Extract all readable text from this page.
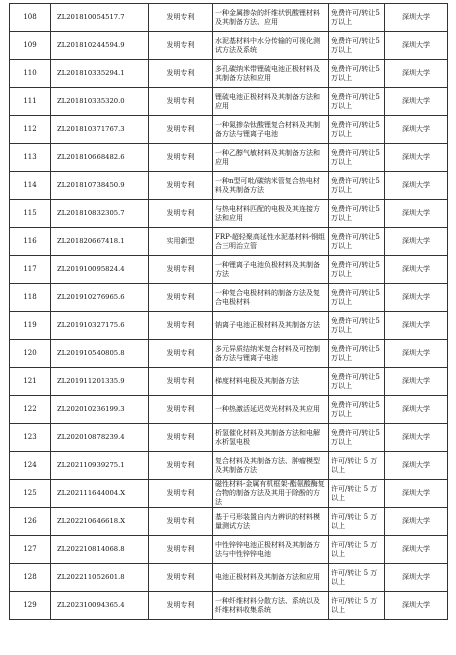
108	ZL201810054517.7	发明专利	一种金属掺杂的纤维状钒酸锂材料及其制备方法、应用	免费许可/转让5万以上	深圳大学
109	ZL201810244594.9	发明专利	水泥基材料中水分传输的可视化测试方法及系统	免费许可/转让5万以上	深圳大学
110	ZL201810335294.1	发明专利	多孔碳纳米带锂硫电池正极材料及其制备方法和应用	免费许可/转让5万以上	深圳大学
111	ZL201810335320.0	发明专利	锂硫电池正极材料及其制备方法和应用	免费许可/转让5万以上	深圳大学
112	ZL201810371767.3	发明专利	一种氮掺杂钛酸锂复合材料及其制备方法与锂离子电池	免费许可/转让5万以上	深圳大学
113	ZL201810668482.6	发明专利	一种乙醇气敏材料及其制备方法和应用	免费许可/转让5万以上	深圳大学
114	ZL201810738450.9	发明专利	一种n型可吡/碳纳米管复合热电材料及其制备方法	免费许可/转让5万以上	深圳大学
115	ZL201810832305.7	发明专利	与热电材料匹配的电极及其连接方法和应用	免费许可/转让5万以上	深圳大学
116	ZL201820667418.1	实用新型	FRP-超轻聚高延性水泥基材料-钢组合三明治立管	免费许可/转让5万以上	深圳大学
117	ZL201910095824.4	发明专利	一种锂离子电池负极材料及其制备方法	免费许可/转让5万以上	深圳大学
118	ZL201910276965.6	发明专利	一种复合电极材料的制备方法及复合电极材料	免费许可/转让5万以上	深圳大学
119	ZL201910327175.6	发明专利	钠离子电池正极材料及其制备方法	免费许可/转让5万以上	深圳大学
120	ZL201910540805.8	发明专利	多元异质结纳米复合材料及可控制备方法与锂离子电池	免费许可/转让5万以上	深圳大学
121	ZL201911201335.9	发明专利	梯度材料电极及其制备方法	免费许可/转让5万以上	深圳大学
122	ZL202010236199.3	发明专利	一种热激活延迟荧光材料及其应用	免费许可/转让5万以上	深圳大学
123	ZL202010878239.4	发明专利	析氢催化材料及其制备方法和电解水析氢电极	免费许可/转让5万以上	深圳大学
124	ZL202110939275.1	发明专利	复合材料及其制备方法、肿瘤模型及其制备方法	许可/转让 5 万以上	深圳大学
125	ZL202111644004.X	发明专利	磁性材料-金属有机框架-酯氨酸酶复合物的制备方法及其用于除酚的方法	许可/转让 5 万以上	深圳大学
126	ZL202210646618.X	发明专利	基于弓形装置自内力辨识的材料模量测试方法	许可/转让 5 万以上	深圳大学
127	ZL202210814068.8	发明专利	中性锌锌电池正极材料及其制备方法与中性锌锌电池	许可/转让 5 万以上	深圳大学
128	ZL202211052601.8	发明专利	电池正极材料及其制备方法和应用	许可/转让 5 万以上	深圳大学
129	ZL202310094365.4	发明专利	一种纤维材料分散方法、系统以及纤维材料收集系统	许可/转让 5 万以上	深圳大学
